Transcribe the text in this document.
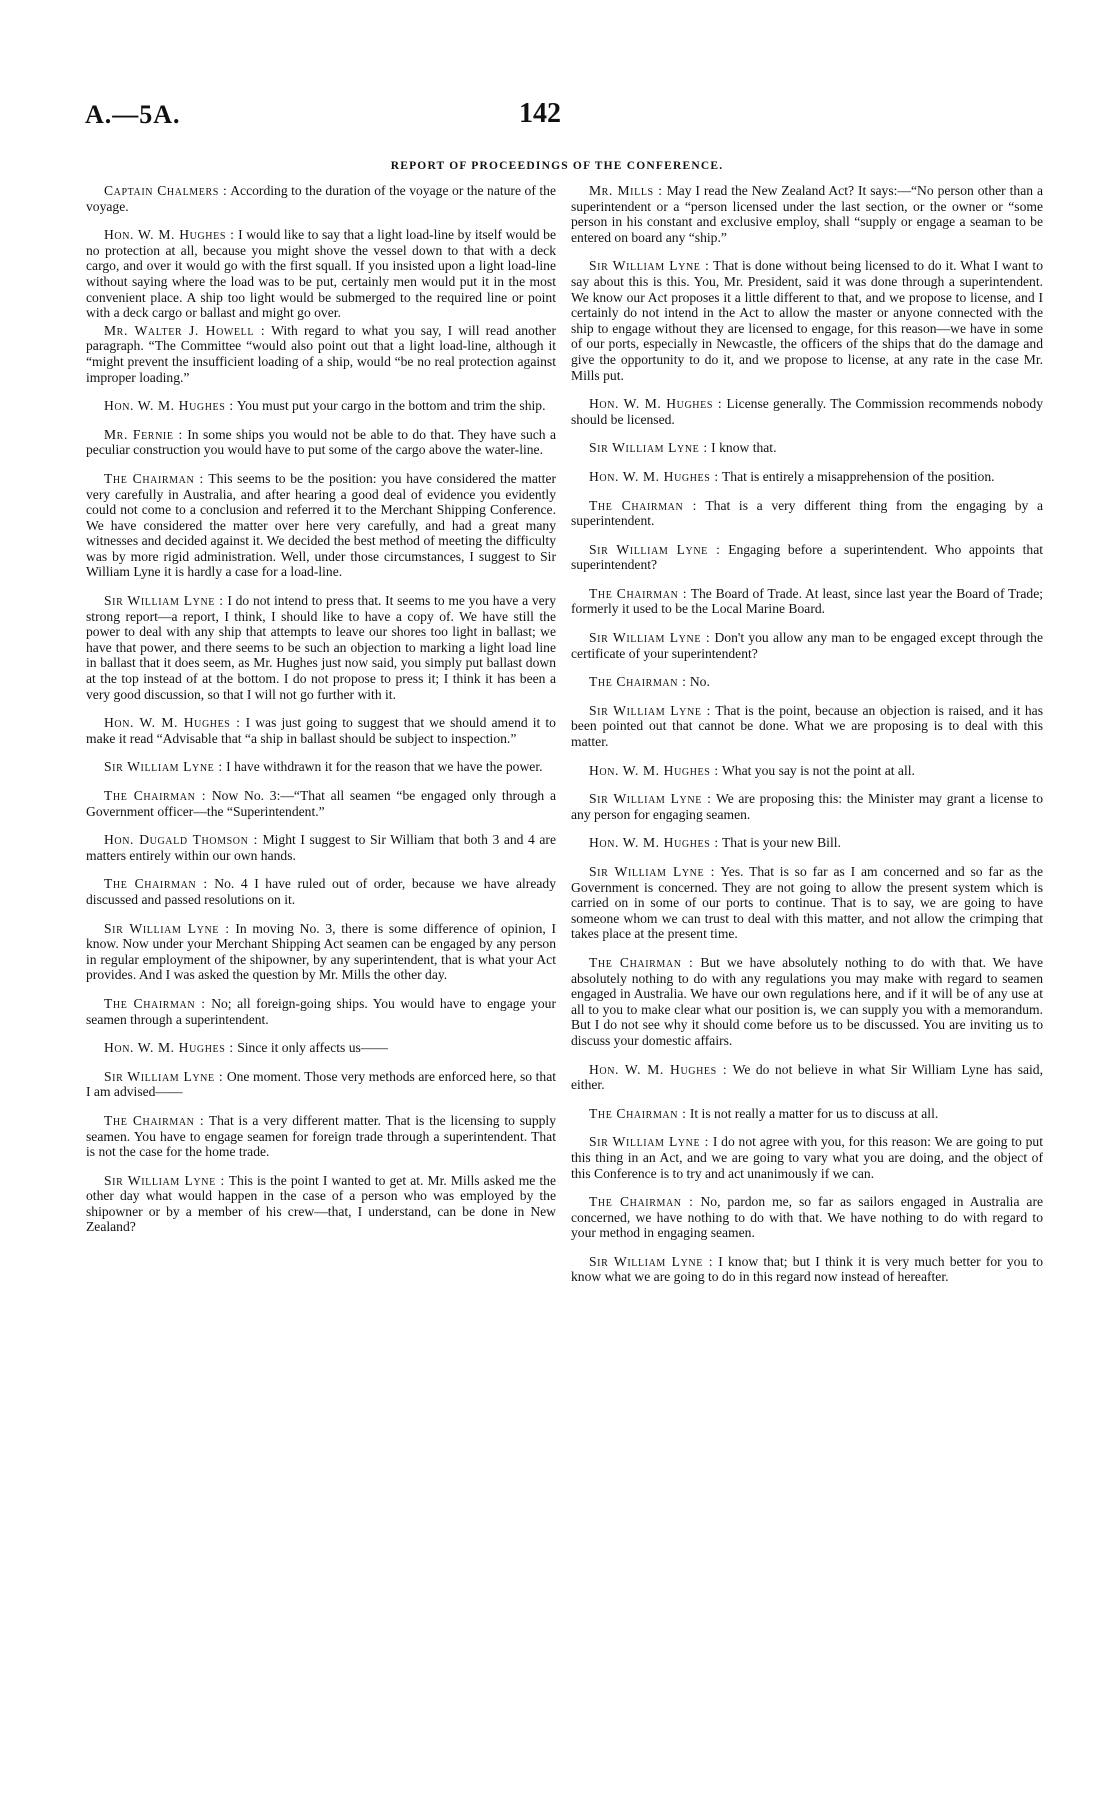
A.—5A.	142
REPORT OF PROCEEDINGS OF THE CONFERENCE.

Captain Chalmers : According to the duration of the voyage or the nature of the voyage.

Hon. W. M. Hughes : I would like to say that a light load-line by itself would be no protection at all, because you might shove the vessel down to that with a deck cargo, and over it would go with the first squall. If you insisted upon a light load-line without saying where the load was to be put, certainly men would put it in the most convenient place. A ship too light would be submerged to the required line or point with a deck cargo or ballast and might go over.

Mr. Walter J. Howell : With regard to what you say, I will read another paragraph. “The Committee “would also point out that a light load-line, although it “might prevent the insufficient loading of a ship, would “be no real protection against improper loading.”

Hon. W. M. Hughes : You must put your cargo in the bottom and trim the ship.

Mr. Fernie : In some ships you would not be able to do that. They have such a peculiar construction you would have to put some of the cargo above the water-line.

The Chairman : This seems to be the position: you have considered the matter very carefully in Australia, and after hearing a good deal of evidence you evidently could not come to a conclusion and referred it to the Merchant Shipping Conference. We have considered the matter over here very carefully, and had a great many witnesses and decided against it. We decided the best method of meeting the difficulty was by more rigid administration. Well, under those circumstances, I suggest to Sir William Lyne it is hardly a case for a load-line.

Sir William Lyne : I do not intend to press that. It seems to me you have a very strong report—a report, I think, I should like to have a copy of. We have still the power to deal with any ship that attempts to leave our shores too light in ballast; we have that power, and there seems to be such an objection to marking a light load line in ballast that it does seem, as Mr. Hughes just now said, you simply put ballast down at the top instead of at the bottom. I do not propose to press it; I think it has been a very good discussion, so that I will not go further with it.

Hon. W. M. Hughes : I was just going to suggest that we should amend it to make it read “Advisable that “a ship in ballast should be subject to inspection.”

Sir William Lyne : I have withdrawn it for the reason that we have the power.

The Chairman : Now No. 3:—“That all seamen “be engaged only through a Government officer—the “Superintendent.”

Hon. Dugald Thomson : Might I suggest to Sir William that both 3 and 4 are matters entirely within our own hands.

The Chairman : No. 4 I have ruled out of order, because we have already discussed and passed resolutions on it.

Sir William Lyne : In moving No. 3, there is some difference of opinion, I know. Now under your Merchant Shipping Act seamen can be engaged by any person in regular employment of the shipowner, by any superintendent, that is what your Act provides. And I was asked the question by Mr. Mills the other day.

The Chairman : No; all foreign-going ships. You would have to engage your seamen through a superintendent.

Hon. W. M. Hughes : Since it only affects us——

Sir William Lyne : One moment. Those very methods are enforced here, so that I am advised——

The Chairman : That is a very different matter. That is the licensing to supply seamen. You have to engage seamen for foreign trade through a superintendent. That is not the case for the home trade.

Sir William Lyne : This is the point I wanted to get at. Mr. Mills asked me the other day what would happen in the case of a person who was employed by the shipowner or by a member of his crew—that, I understand, can be done in New Zealand?

Mr. Mills : May I read the New Zealand Act? It says:—“No person other than a superintendent or a “person licensed under the last section, or the owner or “some person in his constant and exclusive employ, shall “supply or engage a seaman to be entered on board any “ship.”

Sir William Lyne : That is done without being licensed to do it. What I want to say about this is this. You, Mr. President, said it was done through a superintendent. We know our Act proposes it a little different to that, and we propose to license, and I certainly do not intend in the Act to allow the master or anyone connected with the ship to engage without they are licensed to engage, for this reason—we have in some of our ports, especially in Newcastle, the officers of the ships that do the damage and give the opportunity to do it, and we propose to license, at any rate in the case Mr. Mills put.

Hon. W. M. Hughes : License generally. The Commission recommends nobody should be licensed.

Sir William Lyne : I know that.

Hon. W. M. Hughes : That is entirely a misapprehension of the position.

The Chairman : That is a very different thing from the engaging by a superintendent.

Sir William Lyne : Engaging before a superintendent. Who appoints that superintendent?

The Chairman : The Board of Trade. At least, since last year the Board of Trade; formerly it used to be the Local Marine Board.

Sir William Lyne : Don't you allow any man to be engaged except through the certificate of your superintendent?

The Chairman : No.

Sir William Lyne : That is the point, because an objection is raised, and it has been pointed out that cannot be done. What we are proposing is to deal with this matter.

Hon. W. M. Hughes : What you say is not the point at all.

Sir William Lyne : We are proposing this: the Minister may grant a license to any person for engaging seamen.

Hon. W. M. Hughes : That is your new Bill.

Sir William Lyne : Yes. That is so far as I am concerned and so far as the Government is concerned. They are not going to allow the present system which is carried on in some of our ports to continue. That is to say, we are going to have someone whom we can trust to deal with this matter, and not allow the crimping that takes place at the present time.

The Chairman : But we have absolutely nothing to do with that. We have absolutely nothing to do with any regulations you may make with regard to seamen engaged in Australia. We have our own regulations here, and if it will be of any use at all to you to make clear what our position is, we can supply you with a memorandum. But I do not see why it should come before us to be discussed. You are inviting us to discuss your domestic affairs.

Hon. W. M. Hughes : We do not believe in what Sir William Lyne has said, either.

The Chairman : It is not really a matter for us to discuss at all.

Sir William Lyne : I do not agree with you, for this reason: We are going to put this thing in an Act, and we are going to vary what you are doing, and the object of this Conference is to try and act unanimously if we can.

The Chairman : No, pardon me, so far as sailors engaged in Australia are concerned, we have nothing to do with that. We have nothing to do with regard to your method in engaging seamen.

Sir William Lyne : I know that; but I think it is very much better for you to know what we are going to do in this regard now instead of hereafter.
